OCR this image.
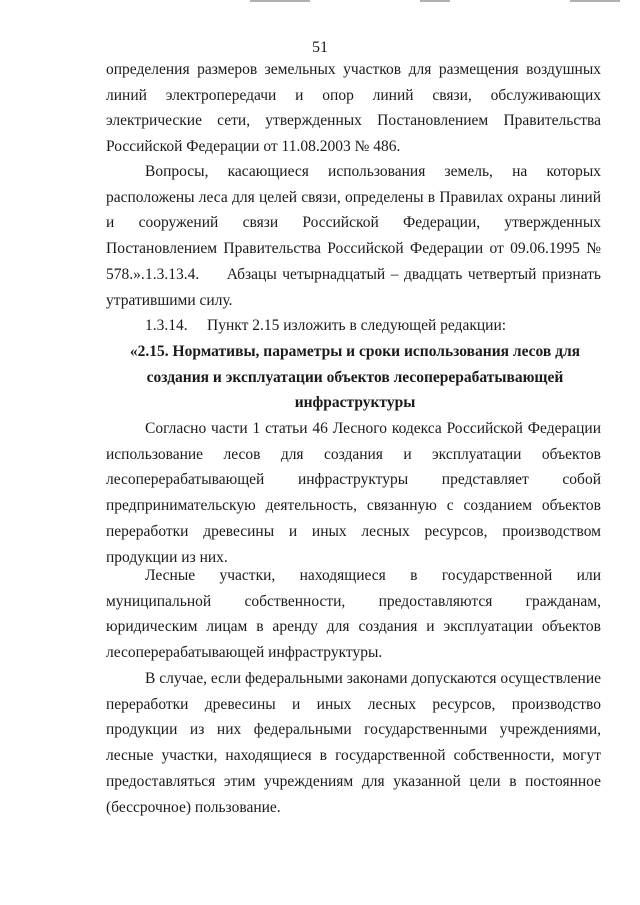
51

определения размеров земельных участков для размещения воздушных линий электропередачи и опор линий связи, обслуживающих электрические сети, утвержденных Постановлением Правительства Российской Федерации от 11.08.2003 № 486.

Вопросы, касающиеся использования земель, на которых расположены леса для целей связи, определены в Правилах охраны линий и сооружений связи Российской Федерации, утвержденных Постановлением Правительства Российской Федерации от 09.06.1995 № 578.». 1.3.13.4.     Абзацы четырнадцатый – двадцать четвертый признать утратившими силу.

1.3.14.     Пункт 2.15 изложить в следующей редакции:

«2.15. Нормативы, параметры и сроки использования лесов для создания и эксплуатации объектов лесоперерабатывающей инфраструктуры

Согласно части 1 статьи 46 Лесного кодекса Российской Федерации использование лесов для создания и эксплуатации объектов лесоперерабатывающей инфраструктуры представляет собой предпринимательскую деятельность, связанную с созданием объектов переработки древесины и иных лесных ресурсов, производством продукции из них.

Лесные участки, находящиеся в государственной или муниципальной собственности, предоставляются гражданам, юридическим лицам в аренду для создания и эксплуатации объектов лесоперерабатывающей инфраструктуры.

В случае, если федеральными законами допускаются осуществление переработки древесины и иных лесных ресурсов, производство продукции из них федеральными государственными учреждениями, лесные участки, находящиеся в государственной собственности, могут предоставляться этим учреждениям для указанной цели в постоянное (бессрочное) пользование.
